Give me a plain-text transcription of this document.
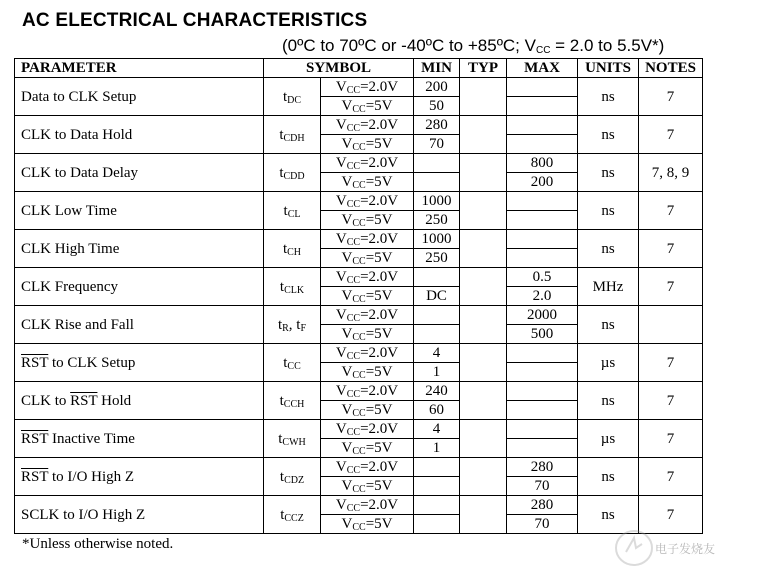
AC ELECTRICAL CHARACTERISTICS
(0ºC to 70ºC or -40ºC to +85ºC; $V_{CC} = 2.0$ to 5.5V*)
PARAMETER	SYMBOL		MIN	TYP	MAX	UNITS	NOTES
Data to CLK Setup	$t_{DC}$	$V_{CC}=2.0V$	200			ns	7
		$V_{CC}=5V$	50				
CLK to Data Hold	$t_{CDH}$	$V_{CC}=2.0V$	280			ns	7
		$V_{CC}=5V$	70				
CLK to Data Delay	$t_{CDD}$	$V_{CC}=2.0V$			800	ns	7, 8, 9
		$V_{CC}=5V$			200		
CLK Low Time	$t_{CL}$	$V_{CC}=2.0V$	1000			ns	7
		$V_{CC}=5V$	250				
CLK High Time	$t_{CH}$	$V_{CC}=2.0V$	1000			ns	7
		$V_{CC}=5V$	250				
CLK Frequency	$t_{CLK}$	$V_{CC}=2.0V$			0.5	MHz	7
		$V_{CC}=5V$	DC		2.0		
CLK Rise and Fall	$t_R$, $t_F$	$V_{CC}=2.0V$			2000	ns	
		$V_{CC}=5V$			500		
$\overline{RST}$ to CLK Setup	$t_{CC}$	$V_{CC}=2.0V$	4			µs	7
		$V_{CC}=5V$	1				
CLK to $\overline{RST}$ Hold	$t_{CCH}$	$V_{CC}=2.0V$	240			ns	7
		$V_{CC}=5V$	60				
$\overline{RST}$ Inactive Time	$t_{CWH}$	$V_{CC}=2.0V$	4			µs	7
		$V_{CC}=5V$	1				
$\overline{RST}$ to I/O High Z	$t_{CDZ}$	$V_{CC}=2.0V$			280	ns	7
		$V_{CC}=5V$			70		
SCLK to I/O High Z	$t_{CCZ}$	$V_{CC}=2.0V$			280	ns	7
		$V_{CC}=5V$			70		
*Unless otherwise noted.	电子发烧友
